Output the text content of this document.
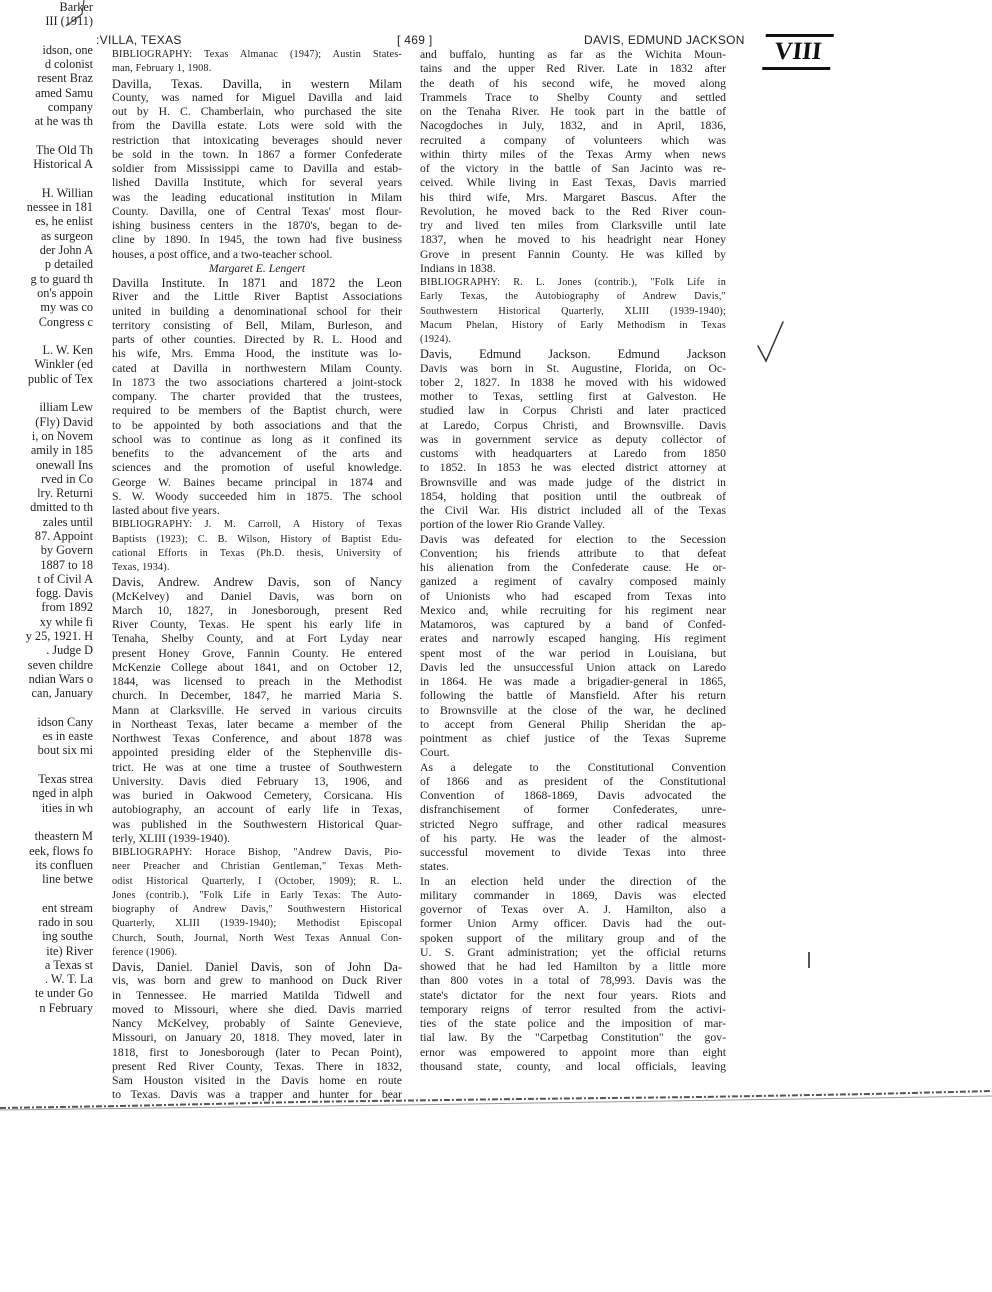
:VILLA, TEXAS	[ 469 ]	DAVIS, EDMUND JACKSON	VIII
Barker
III (1911)
idson, one
d colonist
resent Braz
amed Samu
company
at he was th
The Old Th
Historical A
H. Willian
nessee in 181
es, he enlist
as surgeon
der John A
p detailed
g to guard th
on's appoin
my was co
Congress c
L. W. Ken
Winkler (ed
public of Tex
illiam Lew
(Fly) David
i, on Novem
amily in 185
onewall Ins
rved in Co
lry. Returni
dmitted to th
zales until
87. Appoint
by Govern
1887 to 18
t of Civil A
fogg. Davis
from 1892
xy while fi
y 25, 1921. H
. Judge D
seven childre
ndian Wars o
can, January
idson Cany
es in easte
bout six mi
Texas strea
nged in alph
ities in wh
theastern M
eek, flows fo
its confluen
line betwe
ent stream
rado in sou
ing southe
ite) River
a Texas st
. W. T. La
te under Go
n February
BIBLIOGRAPHY: Texas Almanac (1947); Austin States-
man, February 1, 1908.
Davilla, Texas. Davilla, in western Milam
County, was named for Miguel Davilla and laid
out by H. C. Chamberlain, who purchased the site
from the Davilla estate. Lots were sold with the
restriction that intoxicating beverages should never
be sold in the town. In 1867 a former Confederate
soldier from Mississippi came to Davilla and estab-
lished Davilla Institute, which for several years
was the leading educational institution in Milam
County. Davilla, one of Central Texas' most flour-
ishing business centers in the 1870's, began to de-
cline by 1890. In 1945, the town had five business
houses, a post office, and a two-teacher school.
Margaret E. Lengert
Davilla Institute. In 1871 and 1872 the Leon
River and the Little River Baptist Associations
united in building a denominational school for their
territory consisting of Bell, Milam, Burleson, and
parts of other counties. Directed by R. L. Hood and
his wife, Mrs. Emma Hood, the institute was lo-
cated at Davilla in northwestern Milam County.
In 1873 the two associations chartered a joint-stock
company. The charter provided that the trustees,
required to be members of the Baptist church, were
to be appointed by both associations and that the
school was to continue as long as it confined its
benefits to the advancement of the arts and
sciences and the promotion of useful knowledge.
George W. Baines became principal in 1874 and
S. W. Woody succeeded him in 1875. The school
lasted about five years.
BIBLIOGRAPHY: J. M. Carroll, A History of Texas
Baptists (1923); C. B. Wilson, History of Baptist Edu-
cational Efforts in Texas (Ph.D. thesis, University of
Texas, 1934).
Davis, Andrew. Andrew Davis, son of Nancy
(McKelvey) and Daniel Davis, was born on
March 10, 1827, in Jonesborough, present Red
River County, Texas. He spent his early life in
Tenaha, Shelby County, and at Fort Lyday near
present Honey Grove, Fannin County. He entered
McKenzie College about 1841, and on October 12,
1844, was licensed to preach in the Methodist
church. In December, 1847, he married Maria S.
Mann at Clarksville. He served in various circuits
in Northeast Texas, later became a member of the
Northwest Texas Conference, and about 1878 was
appointed presiding elder of the Stephenville dis-
trict. He was at one time a trustee of Southwestern
University. Davis died February 13, 1906, and
was buried in Oakwood Cemetery, Corsicana. His
autobiography, an account of early life in Texas,
was published in the Southwestern Historical Quar-
terly, XLIII (1939-1940).
BIBLIOGRAPHY: Horace Bishop, "Andrew Davis, Pio-
neer Preacher and Christian Gentleman," Texas Meth-
odist Historical Quarterly, I (October, 1909); R. L.
Jones (contrib.), "Folk Life in Early Texas: The Auto-
biography of Andrew Davis," Southwestern Historical
Quarterly, XLIII (1939-1940); Methodist Episcopal
Church, South, Journal, North West Texas Annual Con-
ference (1906).
Davis, Daniel. Daniel Davis, son of John Da-
vis, was born and grew to manhood on Duck River
in Tennessee. He married Matilda Tidwell and
moved to Missouri, where she died. Davis married
Nancy McKelvey, probably of Sainte Genevieve,
Missouri, on January 20, 1818. They moved, later in
1818, first to Jonesborough (later to Pecan Point),
present Red River County, Texas. There in 1832,
Sam Houston visited in the Davis home en route
to Texas. Davis was a trapper and hunter for bear
and buffalo, hunting as far as the Wichita Moun-
tains and the upper Red River. Late in 1832 after
the death of his second wife, he moved along
Trammels Trace to Shelby County and settled
on the Tenaha River. He took part in the battle of
Nacogdoches in July, 1832, and in April, 1836,
recruited a company of volunteers which was
within thirty miles of the Texas Army when news
of the victory in the battle of San Jacinto was re-
ceived. While living in East Texas, Davis married
his third wife, Mrs. Margaret Bascus. After the
Revolution, he moved back to the Red River coun-
try and lived ten miles from Clarksville until late
1837, when he moved to his headright near Honey
Grove in present Fannin County. He was killed by
Indians in 1838.
BIBLIOGRAPHY: R. L. Jones (contrib.), "Folk Life in
Early Texas, the Autobiography of Andrew Davis,"
Southwestern Historical Quarterly, XLIII (1939-1940);
Macum Phelan, History of Early Methodism in Texas
(1924).
Davis, Edmund Jackson. Edmund Jackson
Davis was born in St. Augustine, Florida, on Oc-
tober 2, 1827. In 1838 he moved with his widowed
mother to Texas, settling first at Galveston. He
studied law in Corpus Christi and later practiced
at Laredo, Corpus Christi, and Brownsville. Davis
was in government service as deputy collector of
customs with headquarters at Laredo from 1850
to 1852. In 1853 he was elected district attorney at
Brownsville and was made judge of the district in
1854, holding that position until the outbreak of
the Civil War. His district included all of the Texas
portion of the lower Rio Grande Valley.
Davis was defeated for election to the Secession
Convention; his friends attribute to that defeat
his alienation from the Confederate cause. He or-
ganized a regiment of cavalry composed mainly
of Unionists who had escaped from Texas into
Mexico and, while recruiting for his regiment near
Matamoros, was captured by a band of Confed-
erates and narrowly escaped hanging. His regiment
spent most of the war period in Louisiana, but
Davis led the unsuccessful Union attack on Laredo
in 1864. He was made a brigadier-general in 1865,
following the battle of Mansfield. After his return
to Brownsville at the close of the war, he declined
to accept from General Philip Sheridan the ap-
pointment as chief justice of the Texas Supreme
Court.
As a delegate to the Constitutional Convention
of 1866 and as president of the Constitutional
Convention of 1868-1869, Davis advocated the
disfranchisement of former Confederates, unre-
stricted Negro suffrage, and other radical measures
of his party. He was the leader of the almost-
successful movement to divide Texas into three
states.
In an election held under the direction of the
military commander in 1869, Davis was elected
governor of Texas over A. J. Hamilton, also a
former Union Army officer. Davis had the out-
spoken support of the military group and of the
U. S. Grant administration; yet the official returns
showed that he had led Hamilton by a little more
than 800 votes in a total of 78,993. Davis was the
state's dictator for the next four years. Riots and
temporary reigns of terror resulted from the activi-
ties of the state police and the imposition of mar-
tial law. By the "Carpetbag Constitution" the gov-
ernor was empowered to appoint more than eight
thousand state, county, and local officials, leaving
